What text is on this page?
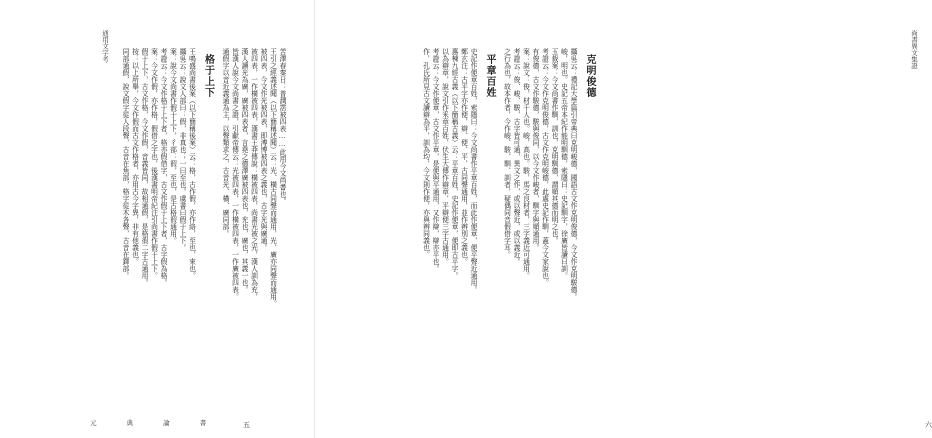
通用文字考
苦澤春秦日：普潤霑被四表……此用今文尚書也。
王引之經義述聞（以下簡稱述聞）云：光、橫古同聲而通用，光、廣亦同聲而通用。
被四表，今文作光被四表，即溥博被四表之義也，古字光與廣通。
被四表，一作橫被四表，漢書王莽傳說：橫被四表，尚書光被之光，漢人訓為充，
漢人讀光為廣，廣被四表者，言堯之德澤廣被四表也，充也，廣也，其義一也。
皆漢人說今文尚書之證，引獻帝傳云：光被四表，一作橫被四表，一作廣被四表。
通假字以音近義通為主，以聲類求之，古音光、橫、廣同部。
格于上下
王鳴盛尚書後案（以下簡稱後案）云：格，古作假，亦作絡，至也，來也。
攝吳云：說文人部曰：假，非真也；一曰至也。虞書曰假于上下。
案：說今文尚書作假于上下，彳部：徦，至也，是古格徦通用。
考證云：今文作格于上下者，格亦假借字，古文作假于上下者，古字假為格。
案：今文作假，亦作格，假借之字也，後漢書明帝紀注引尚書作假于上下。
假于上下，古文作格，今文作假，音義皆同，故相通假，是格徦二字古通用。
按：以上所舉，今文作假而古文作格者，亦用古今字異，非有他義也。
同部通假，說文假字從人段聲，古音在魚部，格字從木各聲，古音在鐸部。
元 典 論 書	五
尚書異文集證
克明俊德
攝吳云：禮記大學篇引帝典曰克明峻德，國語古文作克明俊德，今文作克明駿德。
峻，明也。史記五帝本紀作能明馴德，索隱曰：史記馴字，徐廣皆讀曰訓。
玉裁案：今文尚書作馴，訓也，克明馴德，謂順其德而明之也。
考證云：今文作克明俊德，古文作克明峻德，此處史記作馴，蓋今文家說也。
有俊德，古文作駿德，駿與俊同，以今文作峻者，馴字與順通用。
案：說文：俊，材千人也。峻，高也。駿，馬之良材者，三字義近可通用。
考證云：俊、峻、駿，古字皆可通，異文之作，或以聲近，或以義近。
之行為也，故本作者，今作峻、駿、馴、訓者，疑偶同音假借字耳。
平章百姓
史記作便章百姓，索隱曰：今文尚書作平章百姓，而此作便章，便平聲近通用。
鄭玄注：古平字亦作便，辯、便、平，古同聲通用，並作辨別之義也。
惠棟九經古義（以下簡稱古義）云：平章百姓，史記作便章，便即古平字。
以為辯章，說文引作釆章百姓，伏生大傳作辯章，平辯便三字古通用。
考證云：今文作便章，古文作平章，是便與平通用，又作辯，辯亦平也。
作，孔氏所見古文讀辯為平，訓為均，今文則作便，亦與辨同義也。
六
